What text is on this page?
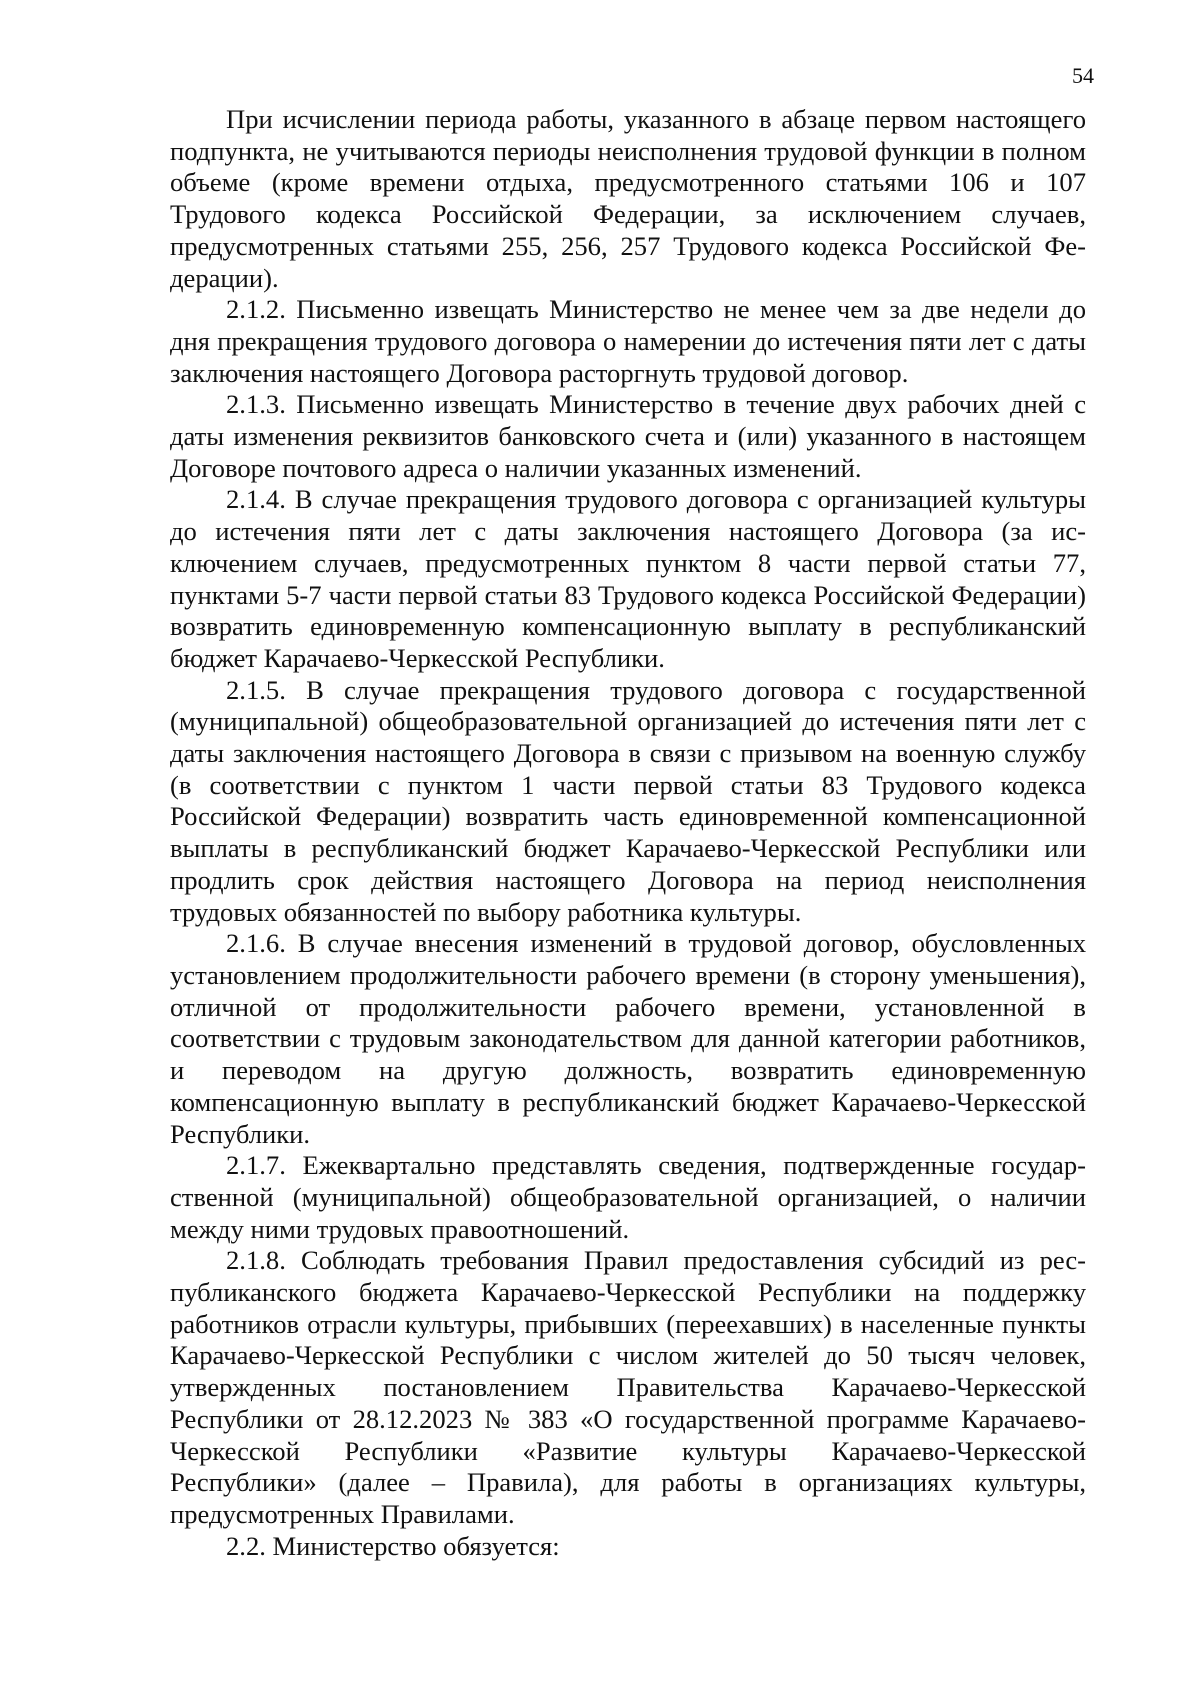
54

При исчислении периода работы, указанного в абзаце первом настоящего подпункта, не учитываются периоды неисполнения трудовой функции в полном объеме (кроме времени отдыха, предусмотренного статьями 106 и 107 Трудового кодекса Российской Федерации, за исключением случаев, предусмотренных статьями 255, 256, 257 Трудового кодекса Российской Федерации).

2.1.2. Письменно извещать Министерство не менее чем за две недели до дня прекращения трудового договора о намерении до истечения пяти лет с даты заключения настоящего Договора расторгнуть трудовой договор.

2.1.3. Письменно извещать Министерство в течение двух рабочих дней с даты изменения реквизитов банковского счета и (или) указанного в настоящем Договоре почтового адреса о наличии указанных изменений.

2.1.4. В случае прекращения трудового договора с организацией культуры до истечения пяти лет с даты заключения настоящего Договора (за исключением случаев, предусмотренных пунктом 8 части первой статьи 77, пунктами 5-7 части первой статьи 83 Трудового кодекса Российской Федерации) возвратить единовременную компенсационную выплату в республиканский бюджет Карачаево-Черкесской Республики.

2.1.5. В случае прекращения трудового договора с государственной (муниципальной) общеобразовательной организацией до истечения пяти лет с даты заключения настоящего Договора в связи с призывом на военную службу (в соответствии с пунктом 1 части первой статьи 83 Трудового кодекса Российской Федерации) возвратить часть единовременной компенсационной выплаты в республиканский бюджет Карачаево-Черкесской Республики или продлить срок действия настоящего Договора на период неисполнения трудовых обязанностей по выбору работника культуры.

2.1.6. В случае внесения изменений в трудовой договор, обусловленных установлением продолжительности рабочего времени (в сторону уменьшения), отличной от продолжительности рабочего времени, установленной в соответствии с трудовым законодательством для данной категории работников, и переводом на другую должность, возвратить единовременную компенсационную выплату в республиканский бюджет Карачаево-Черкесской Республики.

2.1.7. Ежеквартально представлять сведения, подтвержденные государственной (муниципальной) общеобразовательной организацией, о наличии между ними трудовых правоотношений.

2.1.8. Соблюдать требования Правил предоставления субсидий из республиканского бюджета Карачаево-Черкесской Республики на поддержку работников отрасли культуры, прибывших (переехавших) в населенные пункты Карачаево-Черкесской Республики с числом жителей до 50 тысяч человек, утвержденных постановлением Правительства Карачаево-Черкесской Республики от 28.12.2023 № 383 «О государственной программе Карачаево-Черкесской Республики «Развитие культуры Карачаево-Черкесской Республики» (далее – Правила), для работы в организациях культуры, предусмотренных Правилами.

2.2. Министерство обязуется:
